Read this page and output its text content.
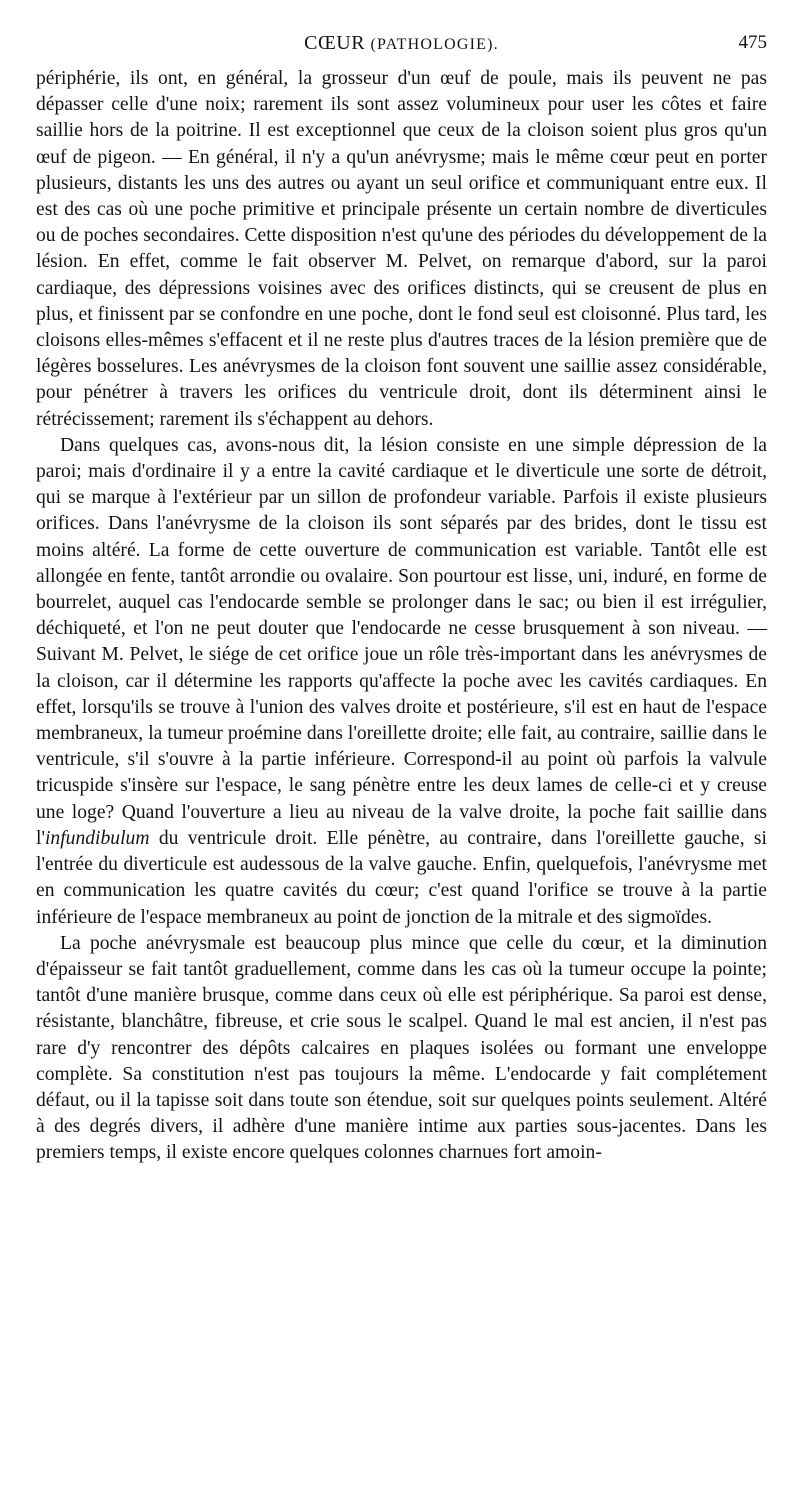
CŒUR (PATHOLOGIE).	475

périphérie, ils ont, en général, la grosseur d'un œuf de poule, mais ils peuvent ne pas dépasser celle d'une noix; rarement ils sont assez volumineux pour user les côtes et faire saillie hors de la poitrine. Il est exceptionnel que ceux de la cloison soient plus gros qu'un œuf de pigeon. — En général, il n'y a qu'un anévrysme; mais le même cœur peut en porter plusieurs, distants les uns des autres ou ayant un seul orifice et communiquant entre eux. Il est des cas où une poche primitive et principale présente un certain nombre de diverticules ou de poches secondaires. Cette disposition n'est qu'une des périodes du développement de la lésion. En effet, comme le fait observer M. Pelvet, on remarque d'abord, sur la paroi cardiaque, des dépressions voisines avec des orifices distincts, qui se creusent de plus en plus, et finissent par se confondre en une poche, dont le fond seul est cloisonné. Plus tard, les cloisons elles-mêmes s'effacent et il ne reste plus d'autres traces de la lésion première que de légères bosselures. Les anévrysmes de la cloison font souvent une saillie assez considérable, pour pénétrer à travers les orifices du ventricule droit, dont ils déterminent ainsi le rétrécissement; rarement ils s'échappent au dehors.

Dans quelques cas, avons-nous dit, la lésion consiste en une simple dépression de la paroi; mais d'ordinaire il y a entre la cavité cardiaque et le diverticule une sorte de détroit, qui se marque à l'extérieur par un sillon de profondeur variable. Parfois il existe plusieurs orifices. Dans l'anévrysme de la cloison ils sont séparés par des brides, dont le tissu est moins altéré. La forme de cette ouverture de communication est variable. Tantôt elle est allongée en fente, tantôt arrondie ou ovalaire. Son pourtour est lisse, uni, induré, en forme de bourrelet, auquel cas l'endocarde semble se prolonger dans le sac; ou bien il est irrégulier, déchiqueté, et l'on ne peut douter que l'endocarde ne cesse brusquement à son niveau. — Suivant M. Pelvet, le siége de cet orifice joue un rôle très-important dans les anévrysmes de la cloison, car il détermine les rapports qu'affecte la poche avec les cavités cardiaques. En effet, lorsqu'ils se trouve à l'union des valves droite et postérieure, s'il est en haut de l'espace membraneux, la tumeur proémine dans l'oreillette droite; elle fait, au contraire, saillie dans le ventricule, s'il s'ouvre à la partie inférieure. Correspond-il au point où parfois la valvule tricuspide s'insère sur l'espace, le sang pénètre entre les deux lames de celle-ci et y creuse une loge? Quand l'ouverture a lieu au niveau de la valve droite, la poche fait saillie dans l'infundibulum du ventricule droit. Elle pénètre, au contraire, dans l'oreillette gauche, si l'entrée du diverticule est audessous de la valve gauche. Enfin, quelquefois, l'anévrysme met en communication les quatre cavités du cœur; c'est quand l'orifice se trouve à la partie inférieure de l'espace membraneux au point de jonction de la mitrale et des sigmoïdes.

La poche anévrysmale est beaucoup plus mince que celle du cœur, et la diminution d'épaisseur se fait tantôt graduellement, comme dans les cas où la tumeur occupe la pointe; tantôt d'une manière brusque, comme dans ceux où elle est périphérique. Sa paroi est dense, résistante, blanchâtre, fibreuse, et crie sous le scalpel. Quand le mal est ancien, il n'est pas rare d'y rencontrer des dépôts calcaires en plaques isolées ou formant une enveloppe complète. Sa constitution n'est pas toujours la même. L'endocarde y fait complétement défaut, ou il la tapisse soit dans toute son étendue, soit sur quelques points seulement. Altéré à des degrés divers, il adhère d'une manière intime aux parties sous-jacentes. Dans les premiers temps, il existe encore quelques colonnes charnues fort amoin-
